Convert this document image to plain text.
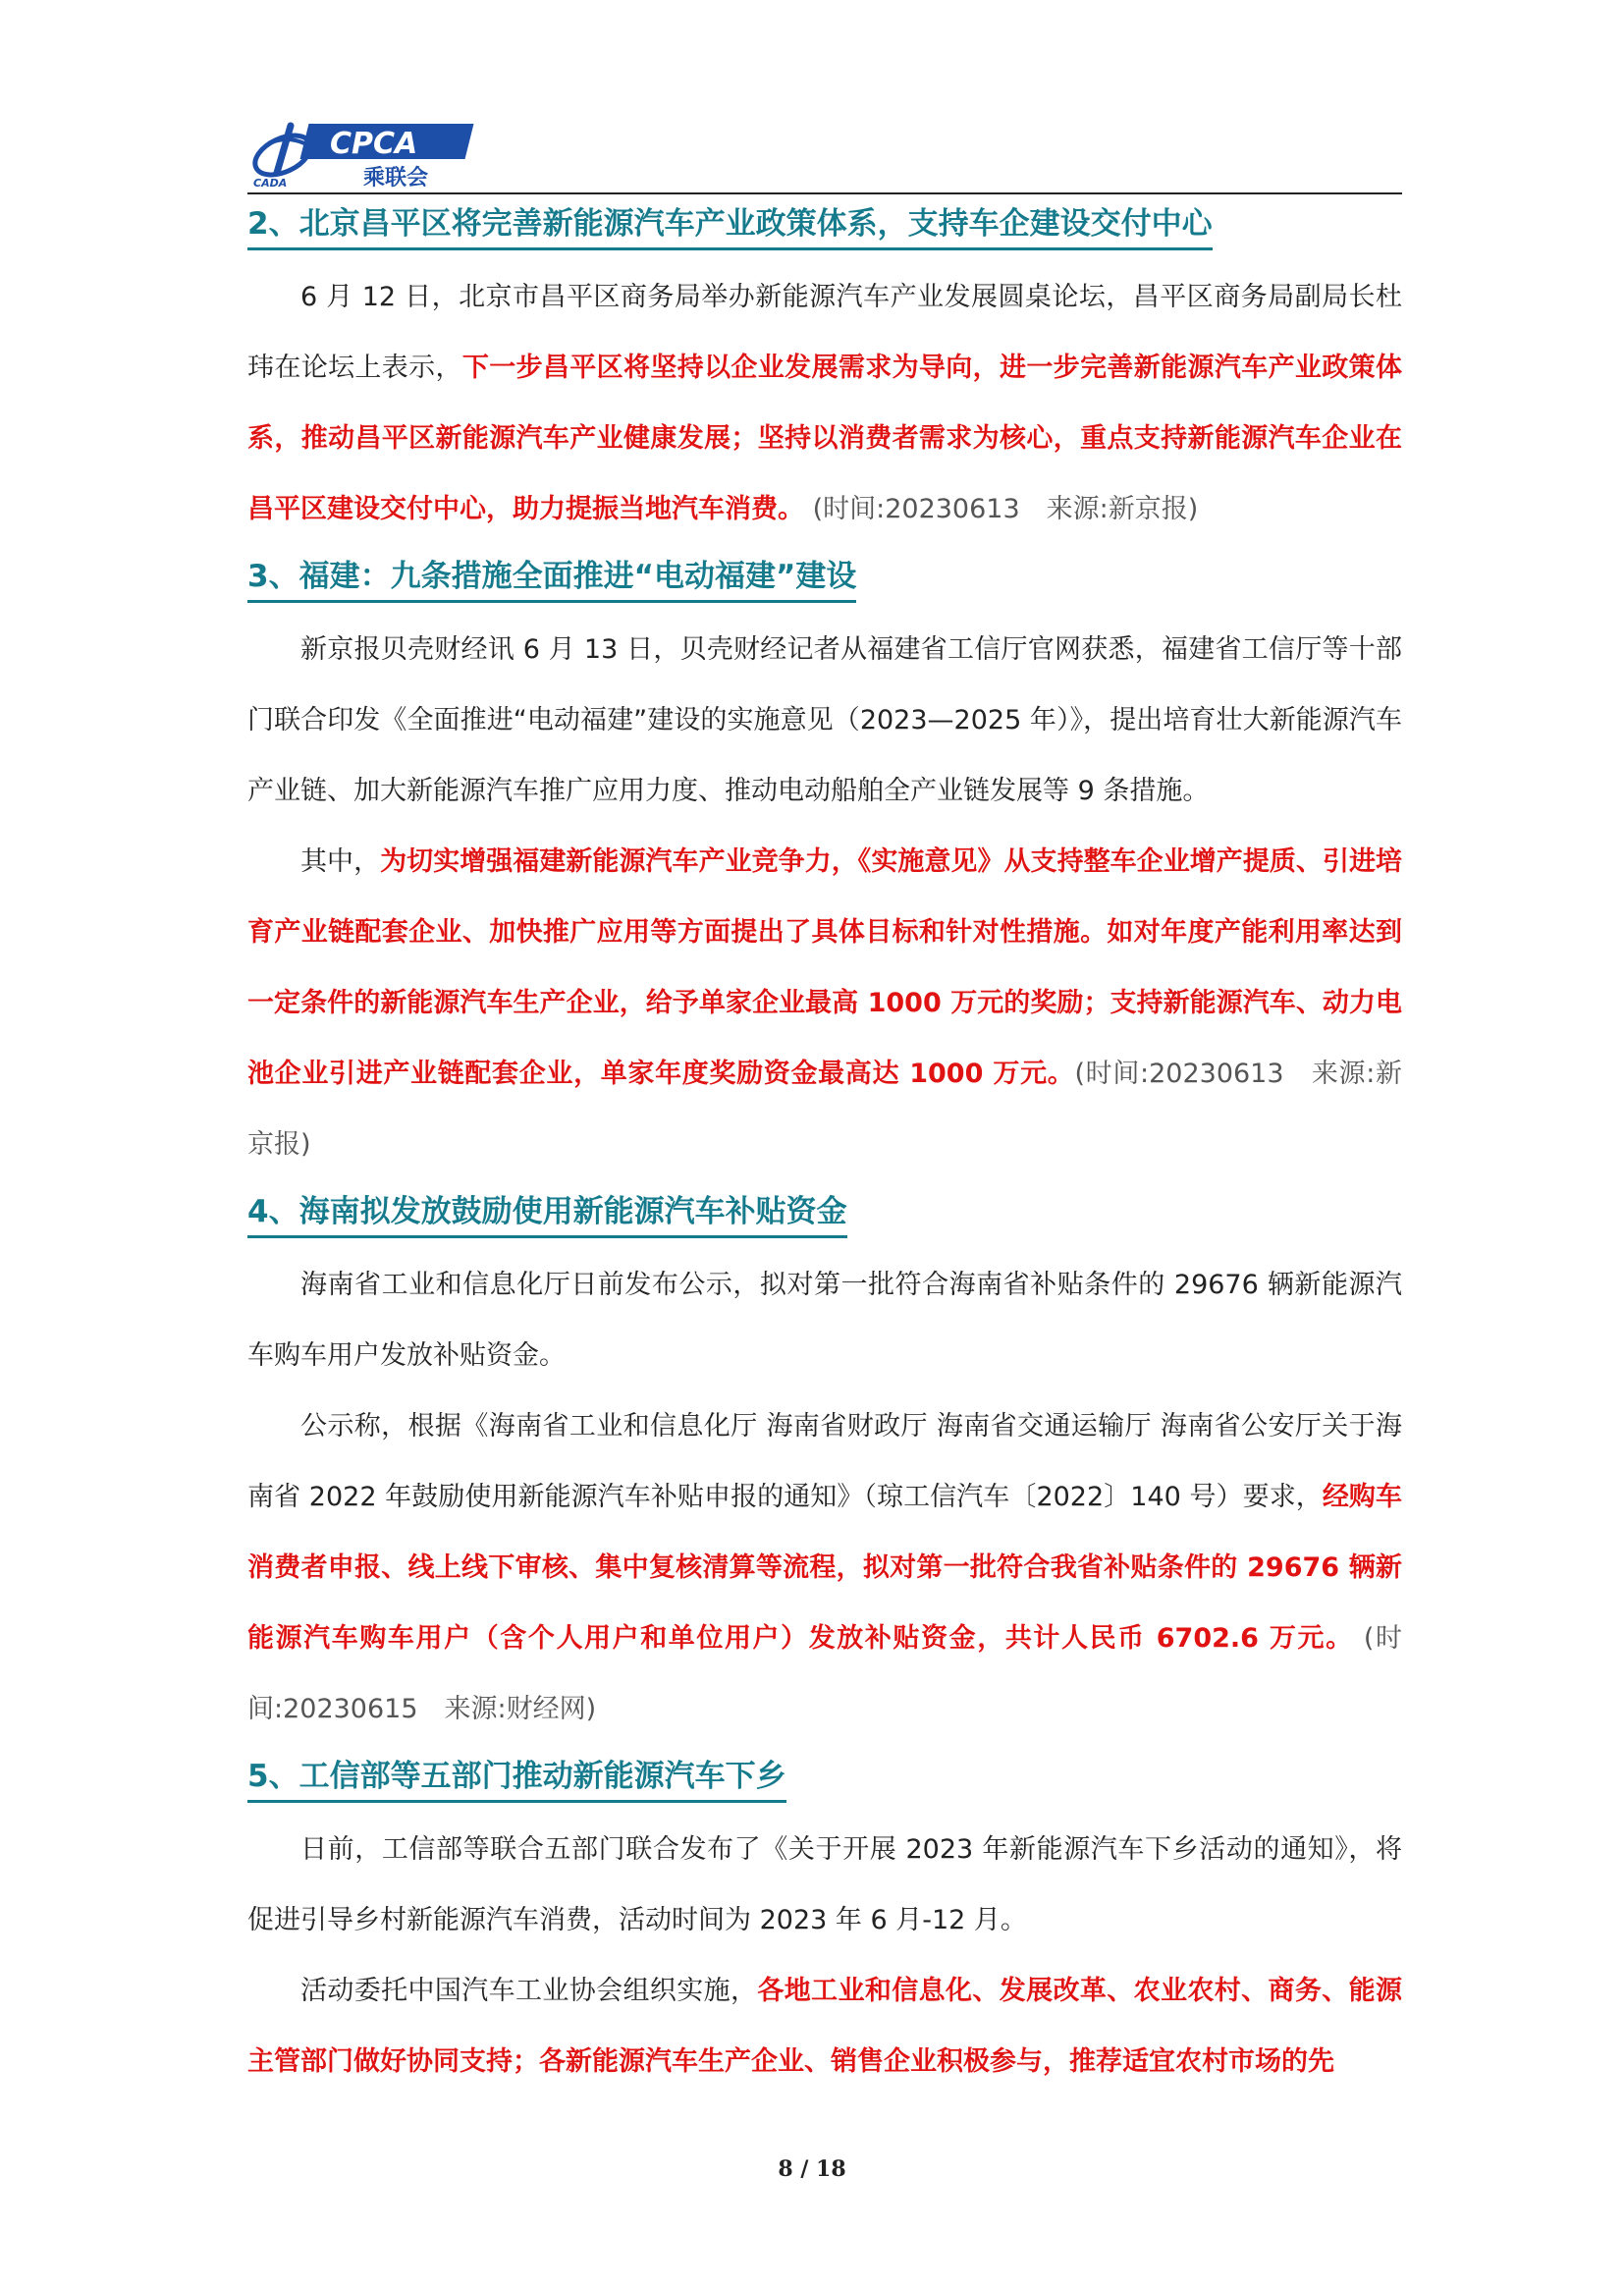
CPCA
乘联会
CADA
2、北京昌平区将完善新能源汽车产业政策体系，支持车企建设交付中心

6 月 12 日，北京市昌平区商务局举办新能源汽车产业发展圆桌论坛，昌平区商务局副局长杜玮在论坛上表示，下一步昌平区将坚持以企业发展需求为导向，进一步完善新能源汽车产业政策体系，推动昌平区新能源汽车产业健康发展；坚持以消费者需求为核心，重点支持新能源汽车企业在昌平区建设交付中心，助力提振当地汽车消费。 (时间:20230613　来源:新京报)

3、福建：九条措施全面推进“电动福建”建设

新京报贝壳财经讯 6 月 13 日，贝壳财经记者从福建省工信厅官网获悉，福建省工信厅等十部门联合印发《全面推进“电动福建”建设的实施意见（2023—2025 年）》，提出培育壮大新能源汽车产业链、加大新能源汽车推广应用力度、推动电动船舶全产业链发展等 9 条措施。

其中，为切实增强福建新能源汽车产业竞争力，《实施意见》从支持整车企业增产提质、引进培育产业链配套企业、加快推广应用等方面提出了具体目标和针对性措施。如对年度产能利用率达到一定条件的新能源汽车生产企业，给予单家企业最高 1000 万元的奖励；支持新能源汽车、动力电池企业引进产业链配套企业，单家年度奖励资金最高达 1000 万元。(时间:20230613　来源:新京报)

4、海南拟发放鼓励使用新能源汽车补贴资金

海南省工业和信息化厅日前发布公示，拟对第一批符合海南省补贴条件的 29676 辆新能源汽车购车用户发放补贴资金。

公示称，根据《海南省工业和信息化厅 海南省财政厅 海南省交通运输厅 海南省公安厅关于海南省 2022 年鼓励使用新能源汽车补贴申报的通知》（琼工信汽车〔2022〕140 号）要求，经购车消费者申报、线上线下审核、集中复核清算等流程，拟对第一批符合我省补贴条件的 29676 辆新能源汽车购车用户（含个人用户和单位用户）发放补贴资金，共计人民币 6702.6 万元。 (时间:20230615　来源:财经网)

5、工信部等五部门推动新能源汽车下乡

日前，工信部等联合五部门联合发布了《关于开展 2023 年新能源汽车下乡活动的通知》，将促进引导乡村新能源汽车消费，活动时间为 2023 年 6 月-12 月。

活动委托中国汽车工业协会组织实施，各地工业和信息化、发展改革、农业农村、商务、能源主管部门做好协同支持；各新能源汽车生产企业、销售企业积极参与，推荐适宜农村市场的先

8 / 18
